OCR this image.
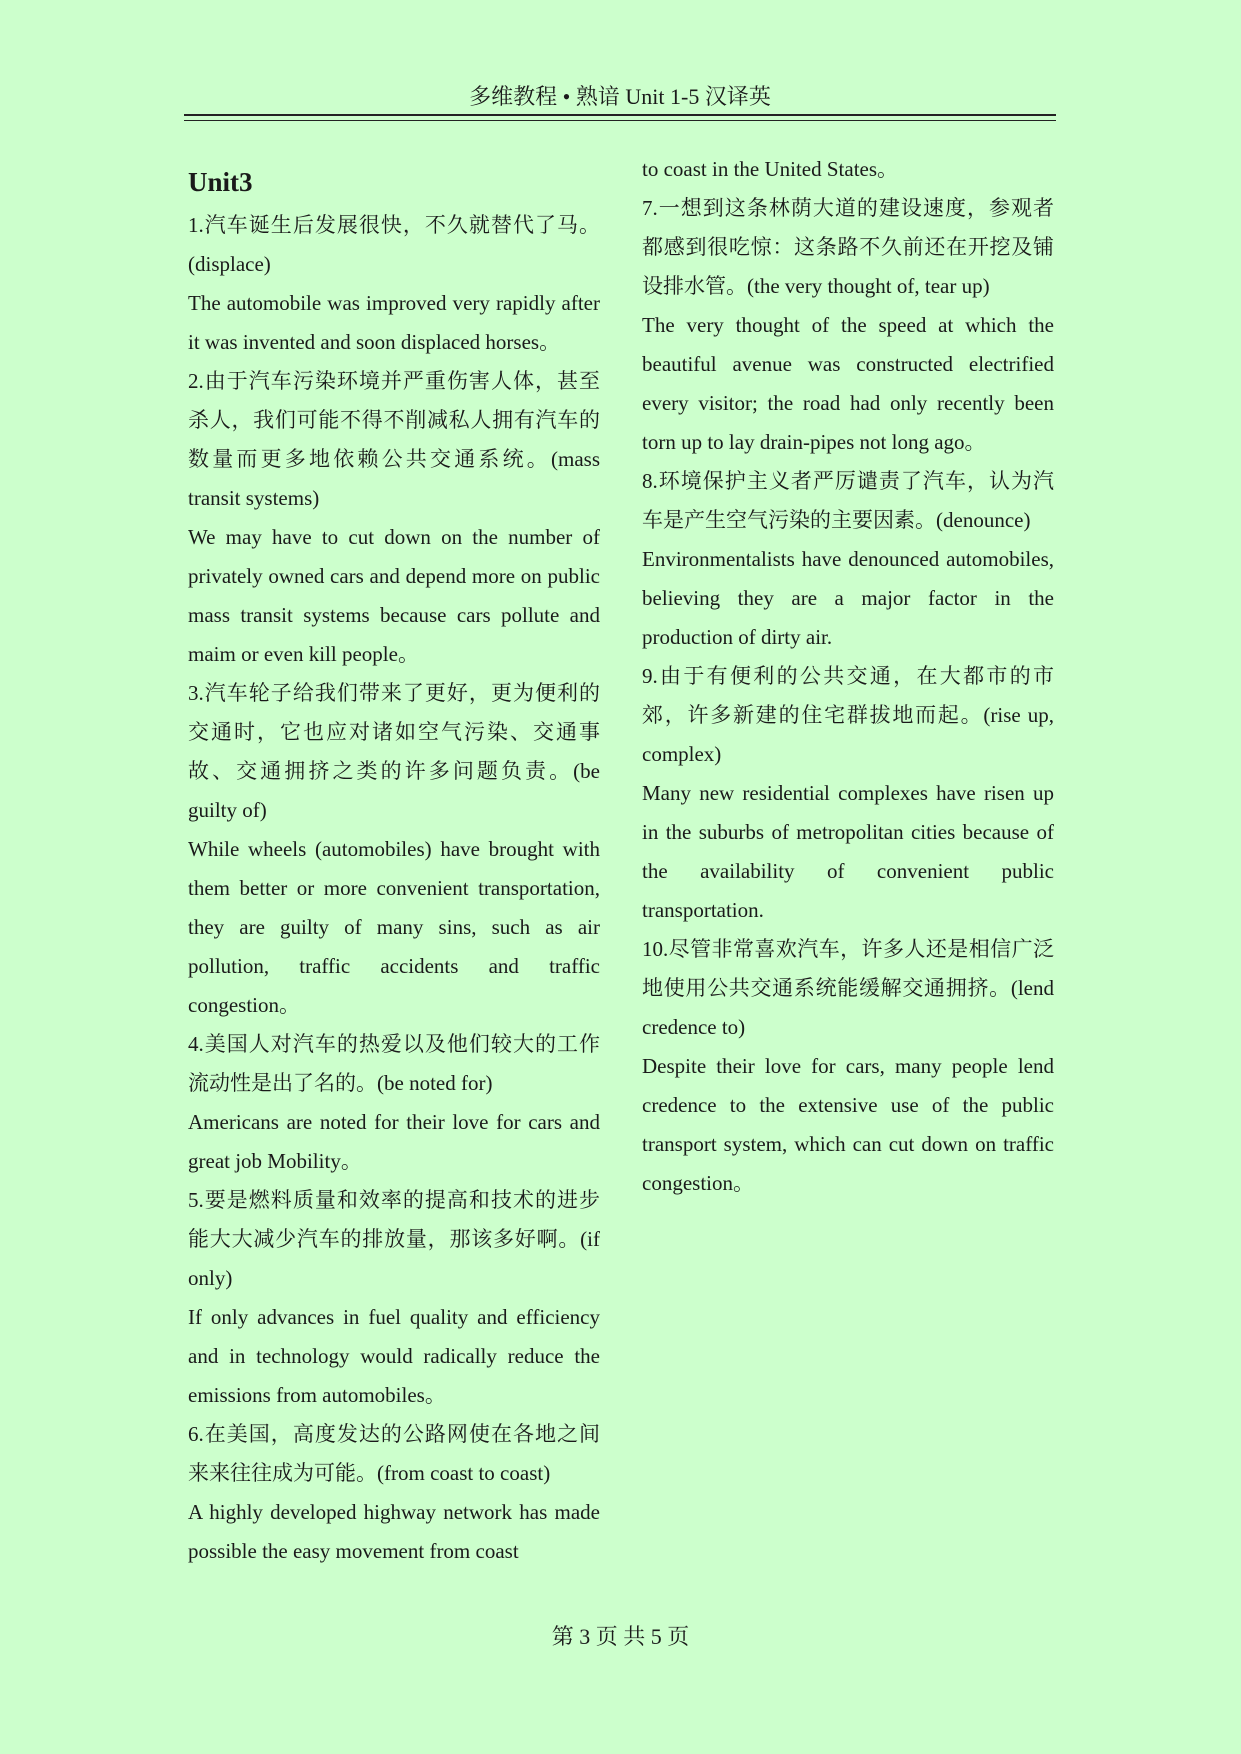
多维教程 • 熟谙 Unit 1-5 汉译英
Unit3

1.汽车诞生后发展很快，不久就替代了马。(displace)

The automobile was improved very rapidly after it was invented and soon displaced horses。

2.由于汽车污染环境并严重伤害人体，甚至杀人，我们可能不得不削减私人拥有汽车的数量而更多地依赖公共交通系统。(mass transit systems)

We may have to cut down on the number of privately owned cars and depend more on public mass transit systems because cars pollute and maim or even kill people。

3.汽车轮子给我们带来了更好，更为便利的交通时，它也应对诸如空气污染、交通事故、交通拥挤之类的许多问题负责。(be guilty of)

While wheels (automobiles) have brought with them better or more convenient transportation, they are guilty of many sins, such as air pollution, traffic accidents and traffic congestion。

4.美国人对汽车的热爱以及他们较大的工作流动性是出了名的。(be noted for)

Americans are noted for their love for cars and great job Mobility。

5.要是燃料质量和效率的提高和技术的进步能大大减少汽车的排放量，那该多好啊。(if only)

If only advances in fuel quality and efficiency and in technology would radically reduce the emissions from automobiles。

6.在美国，高度发达的公路网使在各地之间来来往往成为可能。(from coast to coast)

A highly developed highway network has made possible the easy movement from coast

to coast in the United States。

7.一想到这条林荫大道的建设速度，参观者都感到很吃惊：这条路不久前还在开挖及铺设排水管。(the very thought of, tear up)

The very thought of the speed at which the beautiful avenue was constructed electrified every visitor; the road had only recently been torn up to lay drain-pipes not long ago。

8.环境保护主义者严厉谴责了汽车，认为汽车是产生空气污染的主要因素。(denounce)

Environmentalists have denounced automobiles, believing they are a major factor in the production of dirty air.

9.由于有便利的公共交通，在大都市的市郊，许多新建的住宅群拔地而起。(rise up, complex)

Many new residential complexes have risen up in the suburbs of metropolitan cities because of the availability of convenient public transportation.

10.尽管非常喜欢汽车，许多人还是相信广泛地使用公共交通系统能缓解交通拥挤。(lend credence to)

Despite their love for cars, many people lend credence to the extensive use of the public transport system, which can cut down on traffic congestion。

第 3 页 共 5 页
